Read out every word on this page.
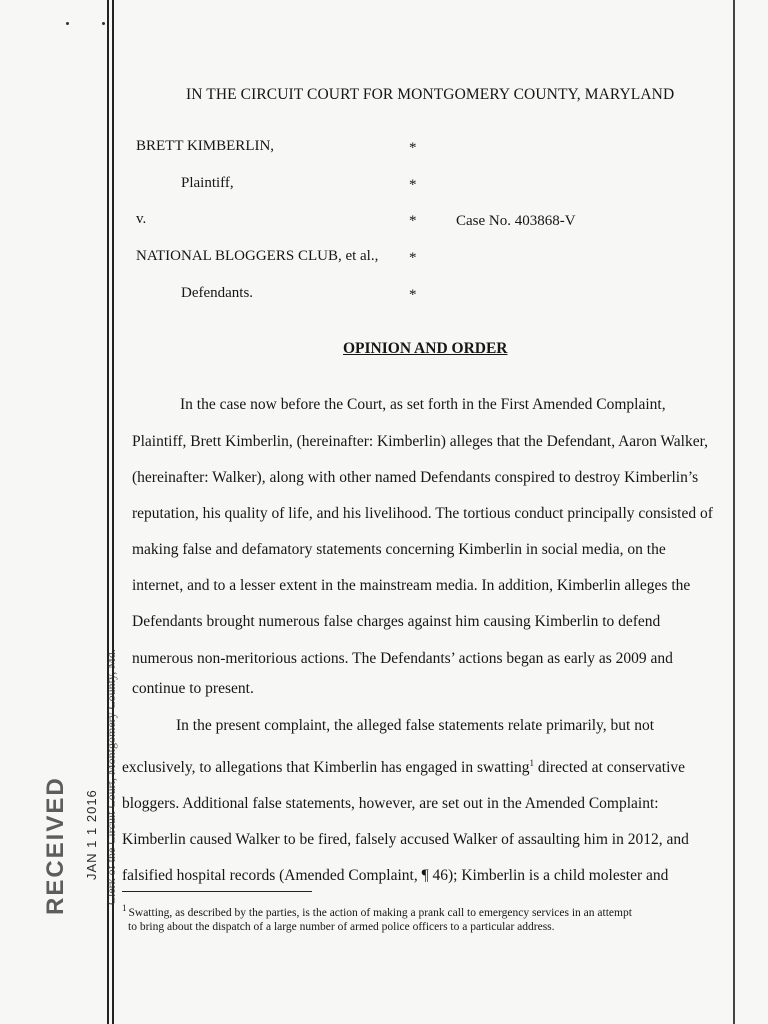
IN THE CIRCUIT COURT FOR MONTGOMERY COUNTY, MARYLAND
BRETT KIMBERLIN,	*
Plaintiff,	*
v.	*	Case No. 403868-V
NATIONAL BLOGGERS CLUB, et al., *
Defendants.	*
OPINION AND ORDER
In the case now before the Court, as set forth in the First Amended Complaint,
Plaintiff, Brett Kimberlin, (hereinafter: Kimberlin) alleges that the Defendant, Aaron Walker,
(hereinafter: Walker), along with other named Defendants conspired to destroy Kimberlin’s
reputation, his quality of life, and his livelihood. The tortious conduct principally consisted of
making false and defamatory statements concerning Kimberlin in social media, on the
internet, and to a lesser extent in the mainstream media. In addition, Kimberlin alleges the
Defendants brought numerous false charges against him causing Kimberlin to defend
numerous non-meritorious actions. The Defendants’ actions began as early as 2009 and
continue to present.
In the present complaint, the alleged false statements relate primarily, but not
exclusively, to allegations that Kimberlin has engaged in swatting$^1$ directed at conservative
bloggers. Additional false statements, however, are set out in the Amended Complaint:
Kimberlin caused Walker to be fired, falsely accused Walker of assaulting him in 2012, and
falsified hospital records (Amended Complaint, ¶ 46); Kimberlin is a child molester and
$^1$ Swatting, as described by the parties, is the action of making a prank call to emergency services in an attempt
to bring about the dispatch of a large number of armed police officers to a particular address.
RECEIVED JAN 1 1 2016 Clerk of the Circuit Court, Montgomery County, Md.
